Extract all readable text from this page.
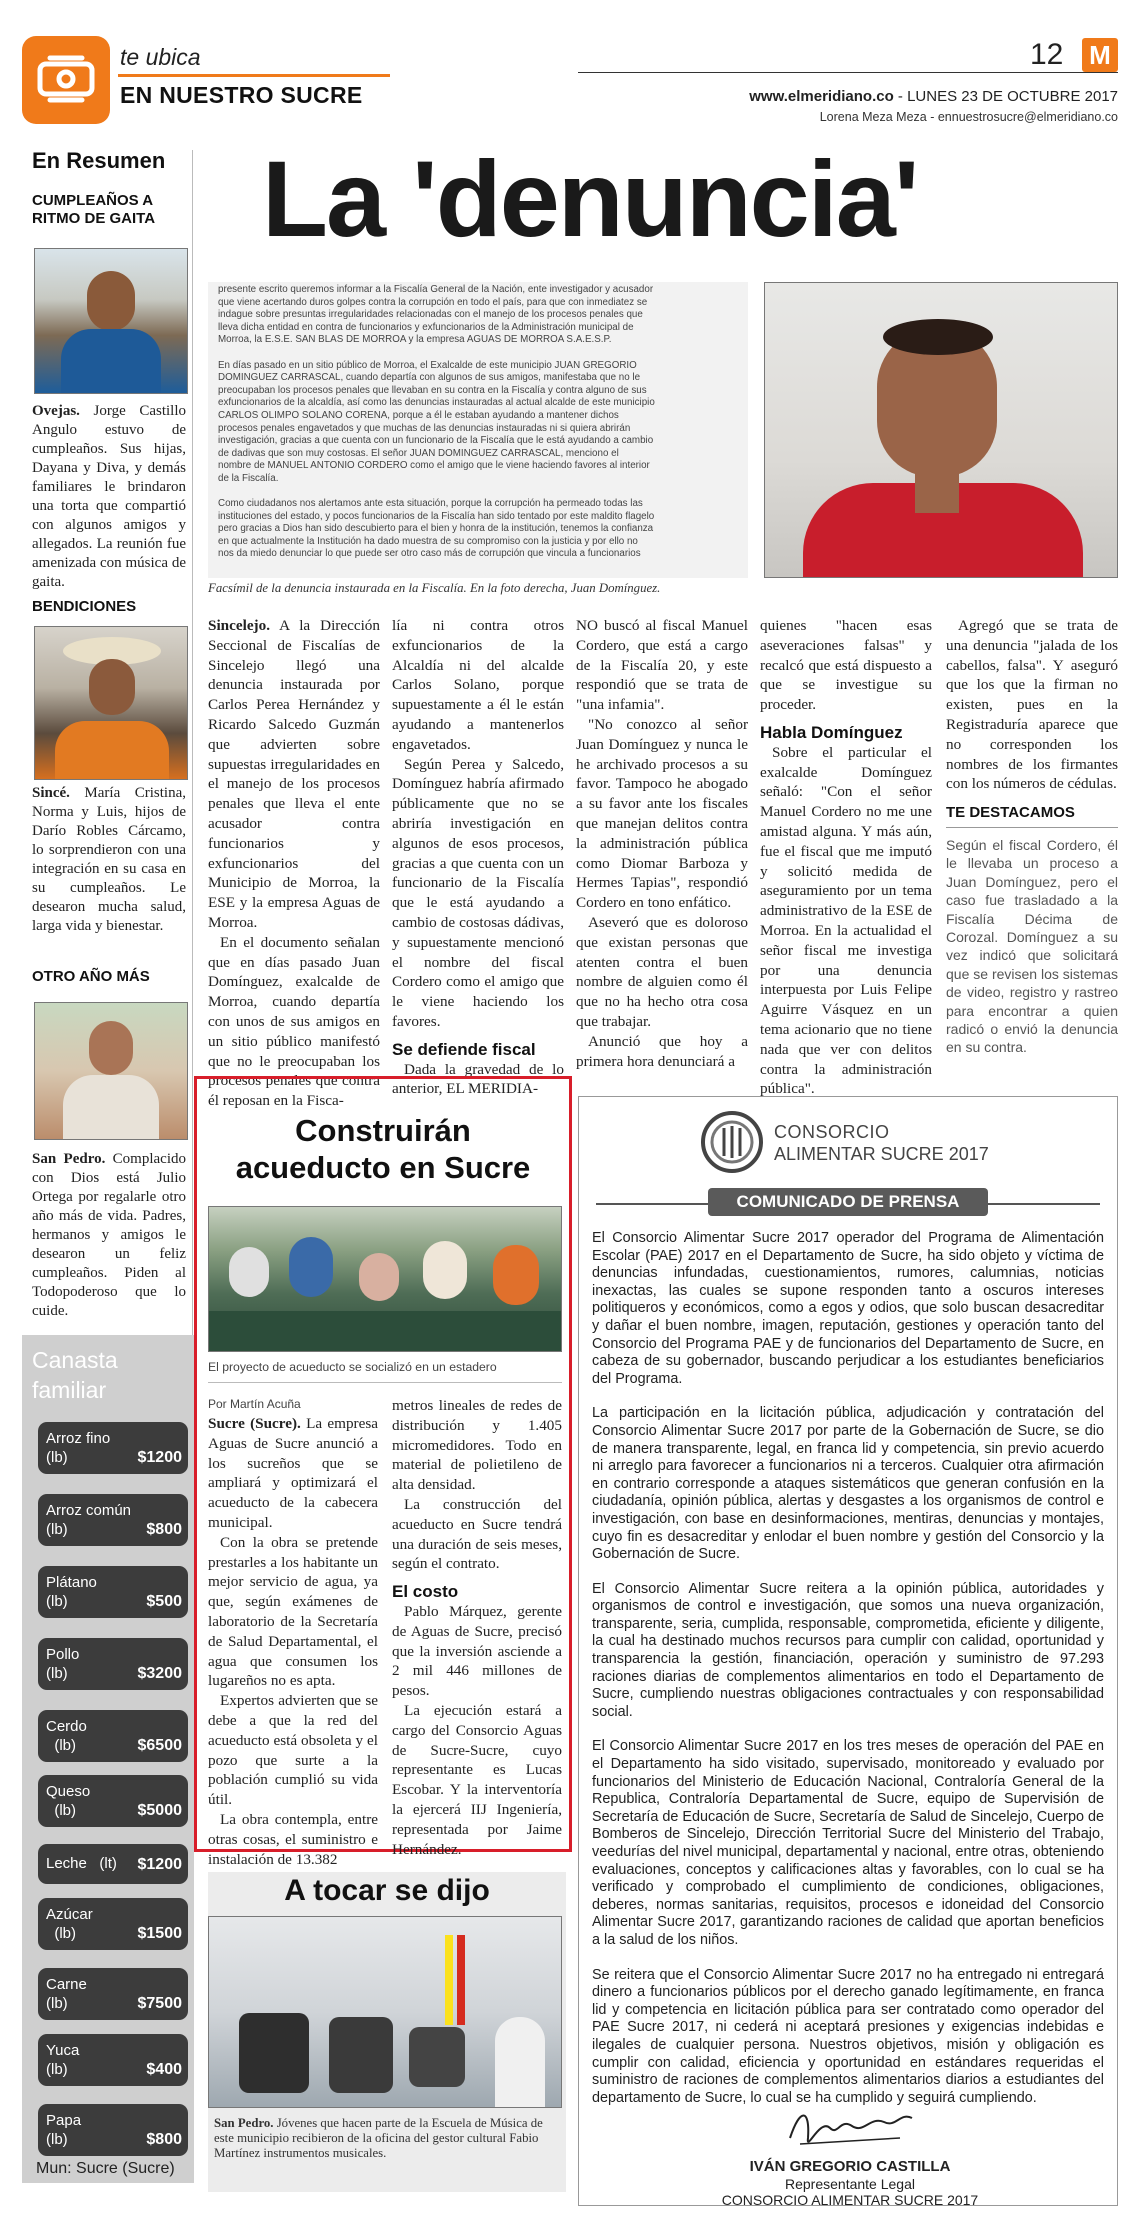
te ubica
EN NUESTRO SUCRE
12 M
www.elmeridiano.co - LUNES 23 DE OCTUBRE 2017
Lorena Meza Meza - ennuestrosucre@elmeridiano.co
En Resumen
CUMPLEAÑOS A RITMO DE GAITA
Ovejas. Jorge Castillo Angulo estuvo de cumpleaños. Sus hijas, Dayana y Diva, y demás familiares le brindaron una torta que compartió con algunos amigos y allegados. La reunión fue amenizada con música de gaita.
BENDICIONES
Sincé. María Cristina, Norma y Luis, hijos de Darío Robles Cárcamo, lo sorprendieron con una integración en su casa en su cumpleaños. Le desearon mucha salud, larga vida y bienestar.
OTRO AÑO MÁS
San Pedro. Complacido con Dios está Julio Ortega por regalarle otro año más de vida. Padres, hermanos y amigos le desearon un feliz cumpleaños. Piden al Todopoderoso que lo cuide.
Canasta
familiar
Arroz fino
(lb)	$1200
Arroz común
(lb)	$800
Plátano
(lb)	$500
Pollo
(lb)	$3200
Cerdo
(lb)	$6500
Queso
(lb)	$5000
Leche (lt) $1200
Azúcar
(lb)	$1500
Carne
(lb)	$7500
Yuca
(lb)	$400
Papa
(lb)	$800
Mun: Sucre (Sucre)
La 'denuncia'
presente escrito queremos informar a la Fiscalía General de la Nación, ente investigador y acusador
que viene acertando duros golpes contra la corrupción en todo el país, para que con inmediatez se
indague sobre presuntas irregularidades relacionadas con el manejo de los procesos penales que
lleva dicha entidad en contra de funcionarios y exfuncionarios de la Administración municipal de
Morroa, la E.S.E. SAN BLAS DE MORROA y la empresa AGUAS DE MORROA S.A.E.S.P.

En días pasado en un sitio público de Morroa, el Exalcalde de este municipio JUAN GREGORIO
DOMINGUEZ CARRASCAL, cuando departía con algunos de sus amigos, manifestaba que no le
preocupaban los procesos penales que llevaban en su contra en la Fiscalía y contra alguno de sus
exfuncionarios de la alcaldía, así como las denuncias instauradas al actual alcalde de este municipio
CARLOS OLIMPO SOLANO CORENA, porque a él le estaban ayudando a mantener dichos
procesos penales engavetados y que muchas de las denuncias instauradas ni si quiera abrirán
investigación, gracias a que cuenta con un funcionario de la Fiscalía que le está ayudando a cambio
de dadivas que son muy costosas. El señor JUAN DOMINGUEZ CARRASCAL, menciono el
nombre de MANUEL ANTONIO CORDERO como el amigo que le viene haciendo favores al interior
de la Fiscalía.

Como ciudadanos nos alertamos ante esta situación, porque la corrupción ha permeado todas las
instituciones del estado, y pocos funcionarios de la Fiscalía han sido tentado por este maldito flagelo
pero gracias a Dios han sido descubierto para el bien y honra de la institución, tenemos la confianza
en que actualmente la Institución ha dado muestra de su compromiso con la justicia y por ello no
nos da miedo denunciar lo que puede ser otro caso más de corrupción que vincula a funcionarios
Facsímil de la denuncia instaurada en la Fiscalía. En la foto derecha, Juan Domínguez.

Sincelejo. A la Dirección Seccional de Fiscalías de Sincelejo llegó una denuncia instaurada por Carlos Perea Hernández y Ricardo Salcedo Guzmán que advierten sobre supuestas irregularidades en el manejo de los procesos penales que lleva el ente acusador contra funcionarios y exfuncionarios del Municipio de Morroa, la ESE y la empresa Aguas de Morroa.

En el documento señalan que en días pasado Juan Domínguez, exalcalde de Morroa, cuando departía con unos de sus amigos en un sitio público manifestó que no le preocupaban los procesos penales que contra él reposan en la Fisca-

lía ni contra otros exfuncionarios de la Alcaldía ni del alcalde Carlos Solano, porque supuestamente a él le están ayudando a mantenerlos engavetados.

Según Perea y Salcedo, Domínguez habría afirmado públicamente que no se abriría investigación en algunos de esos procesos, gracias a que cuenta con un funcionario de la Fiscalía que le está ayudando a cambio de costosas dádivas, y supuestamente mencionó el nombre del fiscal Cordero como el amigo que le viene haciendo los favores.

Se defiende fiscal

Dada la gravedad de lo anterior, EL MERIDIA-

NO buscó al fiscal Manuel Cordero, que está a cargo de la Fiscalía 20, y este respondió que se trata de "una infamia".

"No conozco al señor Juan Domínguez y nunca le he archivado procesos a su favor. Tampoco he abogado a su favor ante los fiscales que manejan delitos contra la administración pública como Diomar Barboza y Hermes Tapias", respondió Cordero en tono enfático.

Aseveró que es doloroso que existan personas que atenten contra el buen nombre de alguien como él que no ha hecho otra cosa que trabajar.

Anunció que hoy a primera hora denunciará a

quienes "hacen esas aseveraciones falsas" y recalcó que está dispuesto a que se investigue su proceder.

Habla Domínguez

Sobre el particular el exalcalde Domínguez señaló: "Con el señor Manuel Cordero no me une amistad alguna. Y más aún, fue el fiscal que me imputó y solicitó medida de aseguramiento por un tema administrativo de la ESE de Morroa. En la actualidad el señor fiscal me investiga por una denuncia interpuesta por Luis Felipe Aguirre Vásquez en un tema acionario que no tiene nada que ver con delitos contra la administración pública".

Agregó que se trata de una denuncia "jalada de los cabellos, falsa". Y aseguró que los que la firman no existen, pues en la Registraduría aparece que no corresponden los nombres de los firmantes con los números de cédulas.

TE DESTACAMOS
Según el fiscal Cordero, él le llevaba un proceso a Juan Domínguez, pero el caso fue trasladado a la Fiscalía Décima de Corozal. Domínguez a su vez indicó que solicitará que se revisen los sistemas de video, registro y rastreo para encontrar a quien radicó o envió la denuncia en su contra.
Construirán
acueducto en Sucre
El proyecto de acueducto se socializó en un estadero
Por Martín Acuña

Sucre (Sucre). La empresa Aguas de Sucre anunció a los sucreños que se ampliará y optimizará el acueducto de la cabecera municipal.

Con la obra se pretende prestarles a los habitante un mejor servicio de agua, ya que, según exámenes de laboratorio de la Secretaría de Salud Departamental, el agua que consumen los lugareños no es apta.

Expertos advierten que se debe a que la red del acueducto está obsoleta y el pozo que surte a la población cumplió su vida útil.

La obra contempla, entre otras cosas, el suministro e instalación de 13.382

metros lineales de redes de distribución y 1.405 micromedidores. Todo en material de polietileno de alta densidad.

La construcción del acueducto en Sucre tendrá una duración de seis meses, según el contrato.

El costo

Pablo Márquez, gerente de Aguas de Sucre, precisó que la inversión asciende a 2 mil 446 millones de pesos.

La ejecución estará a cargo del Consorcio Aguas de Sucre-Sucre, cuyo representante es Lucas Escobar. Y la interventoría la ejercerá IIJ Ingeniería, representada por Jaime Hernández.

A tocar se dijo
San Pedro. Jóvenes que hacen parte de la Escuela de Música de este municipio recibieron de la oficina del gestor cultural Fabio Martínez instrumentos musicales.
CONSORCIO
ALIMENTAR SUCRE 2017
COMUNICADO DE PRENSA

El Consorcio Alimentar Sucre 2017 operador del Programa de Alimentación Escolar (PAE) 2017 en el Departamento de Sucre, ha sido objeto y víctima de denuncias infundadas, cuestionamientos, rumores, calumnias, noticias inexactas, las cuales se supone responden tanto a oscuros intereses politiqueros y económicos, como a egos y odios, que solo buscan desacreditar y dañar el buen nombre, imagen, reputación, gestiones y operación tanto del Consorcio del Programa PAE y de funcionarios del Departamento de Sucre, en cabeza de su gobernador, buscando perjudicar a los estudiantes beneficiarios del Programa.

La participación en la licitación pública, adjudicación y contratación del Consorcio Alimentar Sucre 2017 por parte de la Gobernación de Sucre, se dio de manera transparente, legal, en franca lid y competencia, sin previo acuerdo ni arreglo para favorecer a funcionarios ni a terceros. Cualquier otra afirmación en contrario corresponde a ataques sistemáticos que generan confusión en la ciudadanía, opinión pública, alertas y desgastes a los organismos de control e investigación, con base en desinformaciones, mentiras, denuncias y montajes, cuyo fin es desacreditar y enlodar el buen nombre y gestión del Consorcio y la Gobernación de Sucre.

El Consorcio Alimentar Sucre reitera a la opinión pública, autoridades y organismos de control e investigación, que somos una nueva organización, transparente, seria, cumplida, responsable, comprometida, eficiente y diligente, la cual ha destinado muchos recursos para cumplir con calidad, oportunidad y transparencia la gestión, financiación, operación y suministro de 97.293 raciones diarias de complementos alimentarios en todo el Departamento de Sucre, cumpliendo nuestras obligaciones contractuales y con responsabilidad social.

El Consorcio Alimentar Sucre 2017 en los tres meses de operación del PAE en el Departamento ha sido visitado, supervisado, monitoreado y evaluado por funcionarios del Ministerio de Educación Nacional, Contraloría General de la Republica, Contraloría Departamental de Sucre, equipo de Supervisión de Secretaría de Educación de Sucre, Secretaría de Salud de Sincelejo, Cuerpo de Bomberos de Sincelejo, Dirección Territorial Sucre del Ministerio del Trabajo, veedurías del nivel municipal, departamental y nacional, entre otras, obteniendo evaluaciones, conceptos y calificaciones altas y favorables, con lo cual se ha verificado y comprobado el cumplimiento de condiciones, obligaciones, deberes, normas sanitarias, requisitos, procesos e idoneidad del Consorcio Alimentar Sucre 2017, garantizando raciones de calidad que aportan beneficios a la salud de los niños.

Se reitera que el Consorcio Alimentar Sucre 2017 no ha entregado ni entregará dinero a funcionarios públicos por el derecho ganado legítimamente, en franca lid y competencia en licitación pública para ser contratado como operador del PAE Sucre 2017, ni cederá ni aceptará presiones y exigencias indebidas e ilegales de cualquier persona. Nuestros objetivos, misión y obligación es cumplir con calidad, eficiencia y oportunidad en estándares requeridas el suministro de raciones de complementos alimentarios diarios a estudiantes del departamento de Sucre, lo cual se ha cumplido y seguirá cumpliendo.

IVÁN GREGORIO CASTILLA
Representante Legal
CONSORCIO ALIMENTAR SUCRE 2017
